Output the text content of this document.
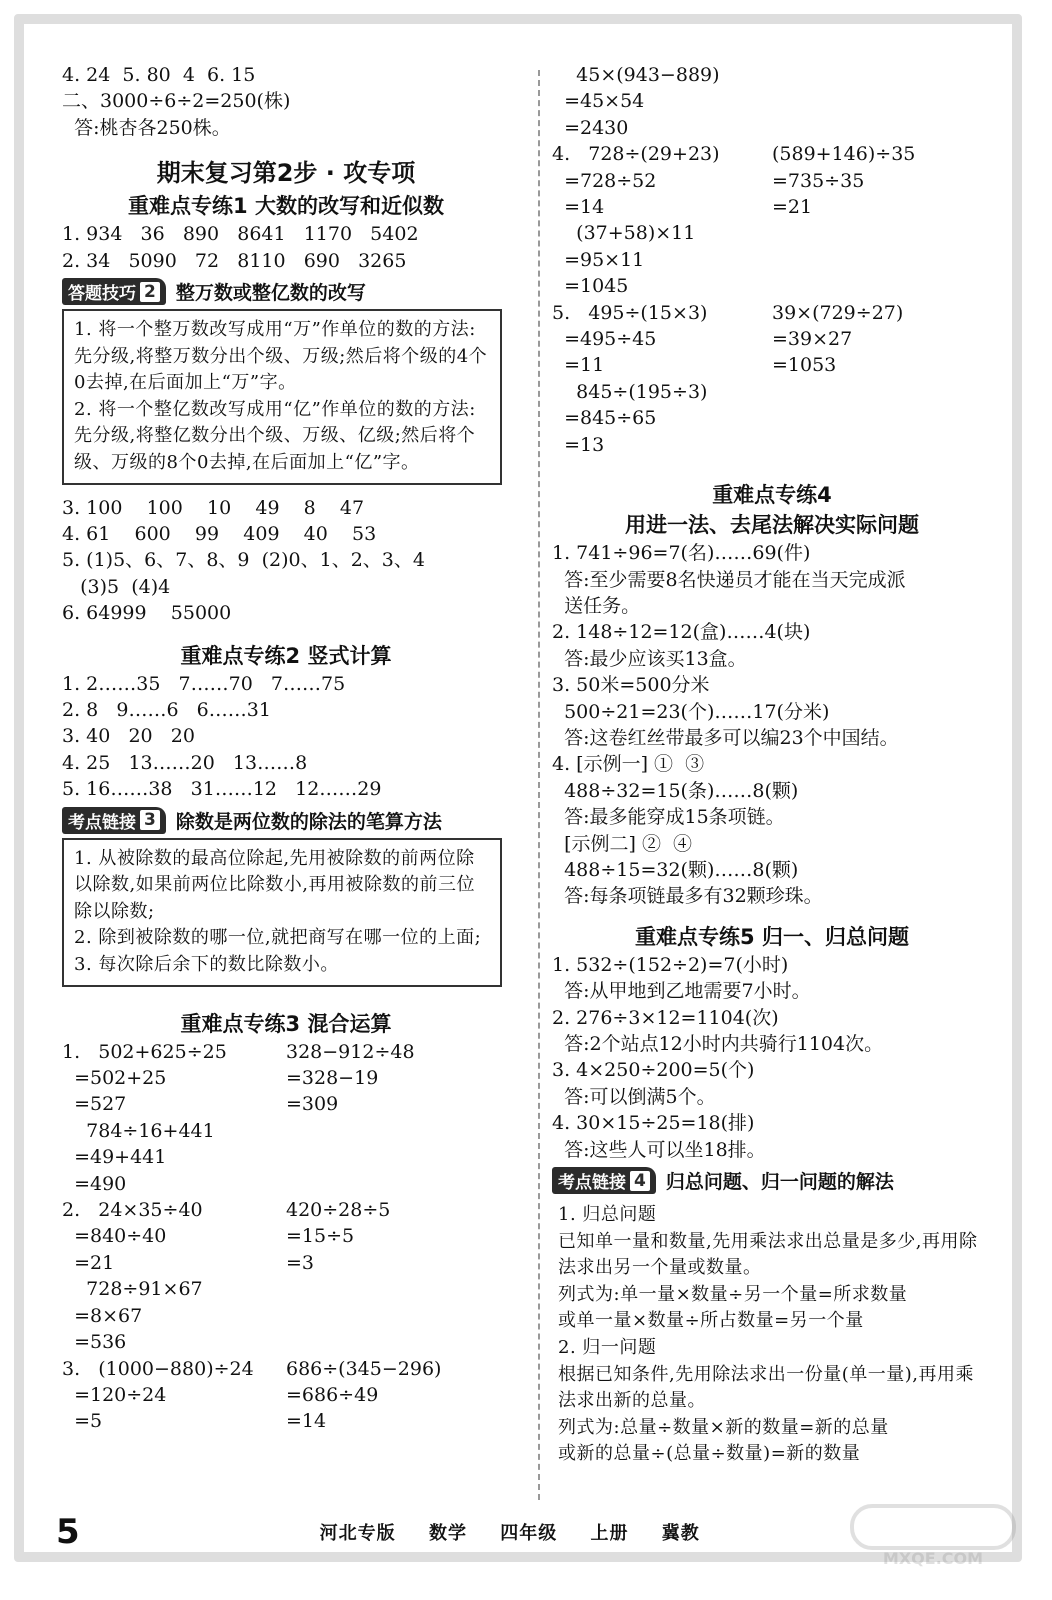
4. 24  5. 80  4  6. 15
二、3000÷6÷2=250(株)
答:桃杏各250株。
期末复习第2步 · 攻专项
重难点专练1 大数的改写和近似数
1. 934   36   890   8641   1170   5402
2. 34   5090   72   8110   690   3265
答题技巧 2 整万数或整亿数的改写
1. 将一个整万数改写成用“万”作单位的数的方法:先分级,将整万数分出个级、万级;然后将个级的4个0去掉,在后面加上“万”字。
2. 将一个整亿数改写成用“亿”作单位的数的方法:先分级,将整亿数分出个级、万级、亿级;然后将个级、万级的8个0去掉,在后面加上“亿”字。
3. 100    100    10    49    8    47
4. 61    600    99    409    40    53
5. (1)5、6、7、8、9  (2)0、1、2、3、4
(3)5  (4)4
6. 64999    55000
重难点专练2 竖式计算
1. 2……35   7……70   7……75
2. 8   9……6   6……31
3. 40   20   20
4. 25   13……20   13……8
5. 16……38   31……12   12……29
考点链接 3 除数是两位数的除法的笔算方法
1. 从被除数的最高位除起,先用被除数的前两位除以除数,如果前两位比除数小,再用被除数的前三位除以除数;
2. 除到被除数的哪一位,就把商写在哪一位的上面;
3. 每次除后余下的数比除数小。
重难点专练3 混合运算
1.   502+625÷25	328−912÷48
=502+25	=328−19
=527	=309
784÷16+441
=49+441
=490
2.   24×35÷40	420÷28÷5
=840÷40	=15÷5
=21	=3
728÷91×67
=8×67
=536
3.   (1000−880)÷24	686÷(345−296)
=120÷24	=686÷49
=5	=14
45×(943−889)
=45×54
=2430
4.   728÷(29+23)	(589+146)÷35
=728÷52	=735÷35
=14	=21
(37+58)×11
=95×11
=1045
5.   495÷(15×3)	39×(729÷27)
=495÷45	=39×27
=11	=1053
845÷(195÷3)
=845÷65
=13
重难点专练4
用进一法、去尾法解决实际问题
1. 741÷96=7(名)……69(件)
答:至少需要8名快递员才能在当天完成派
送任务。
2. 148÷12=12(盒)……4(块)
答:最少应该买13盒。
3. 50米=500分米
500÷21=23(个)……17(分米)
答:这卷红丝带最多可以编23个中国结。
4. [示例一] ①  ③
488÷32=15(条)……8(颗)
答:最多能穿成15条项链。
[示例二] ②  ④
488÷15=32(颗)……8(颗)
答:每条项链最多有32颗珍珠。
重难点专练5 归一、归总问题
1. 532÷(152÷2)=7(小时)
答:从甲地到乙地需要7小时。
2. 276÷3×12=1104(次)
答:2个站点12小时内共骑行1104次。
3. 4×250÷200=5(个)
答:可以倒满5个。
4. 30×15÷25=18(排)
答:这些人可以坐18排。
考点链接 4 归总问题、归一问题的解法
1. 归总问题
已知单一量和数量,先用乘法求出总量是多少,再用除法求出另一个量或数量。
列式为:单一量×数量÷另一个量=所求数量
或单一量×数量÷所占数量=另一个量
2. 归一问题
根据已知条件,先用除法求出一份量(单一量),再用乘法求出新的总量。
列式为:总量÷数量×新的数量=新的总量
或新的总量÷(总量÷数量)=新的数量
5	河北专版 数学 四年级 上册 冀教
MXQE.COM
